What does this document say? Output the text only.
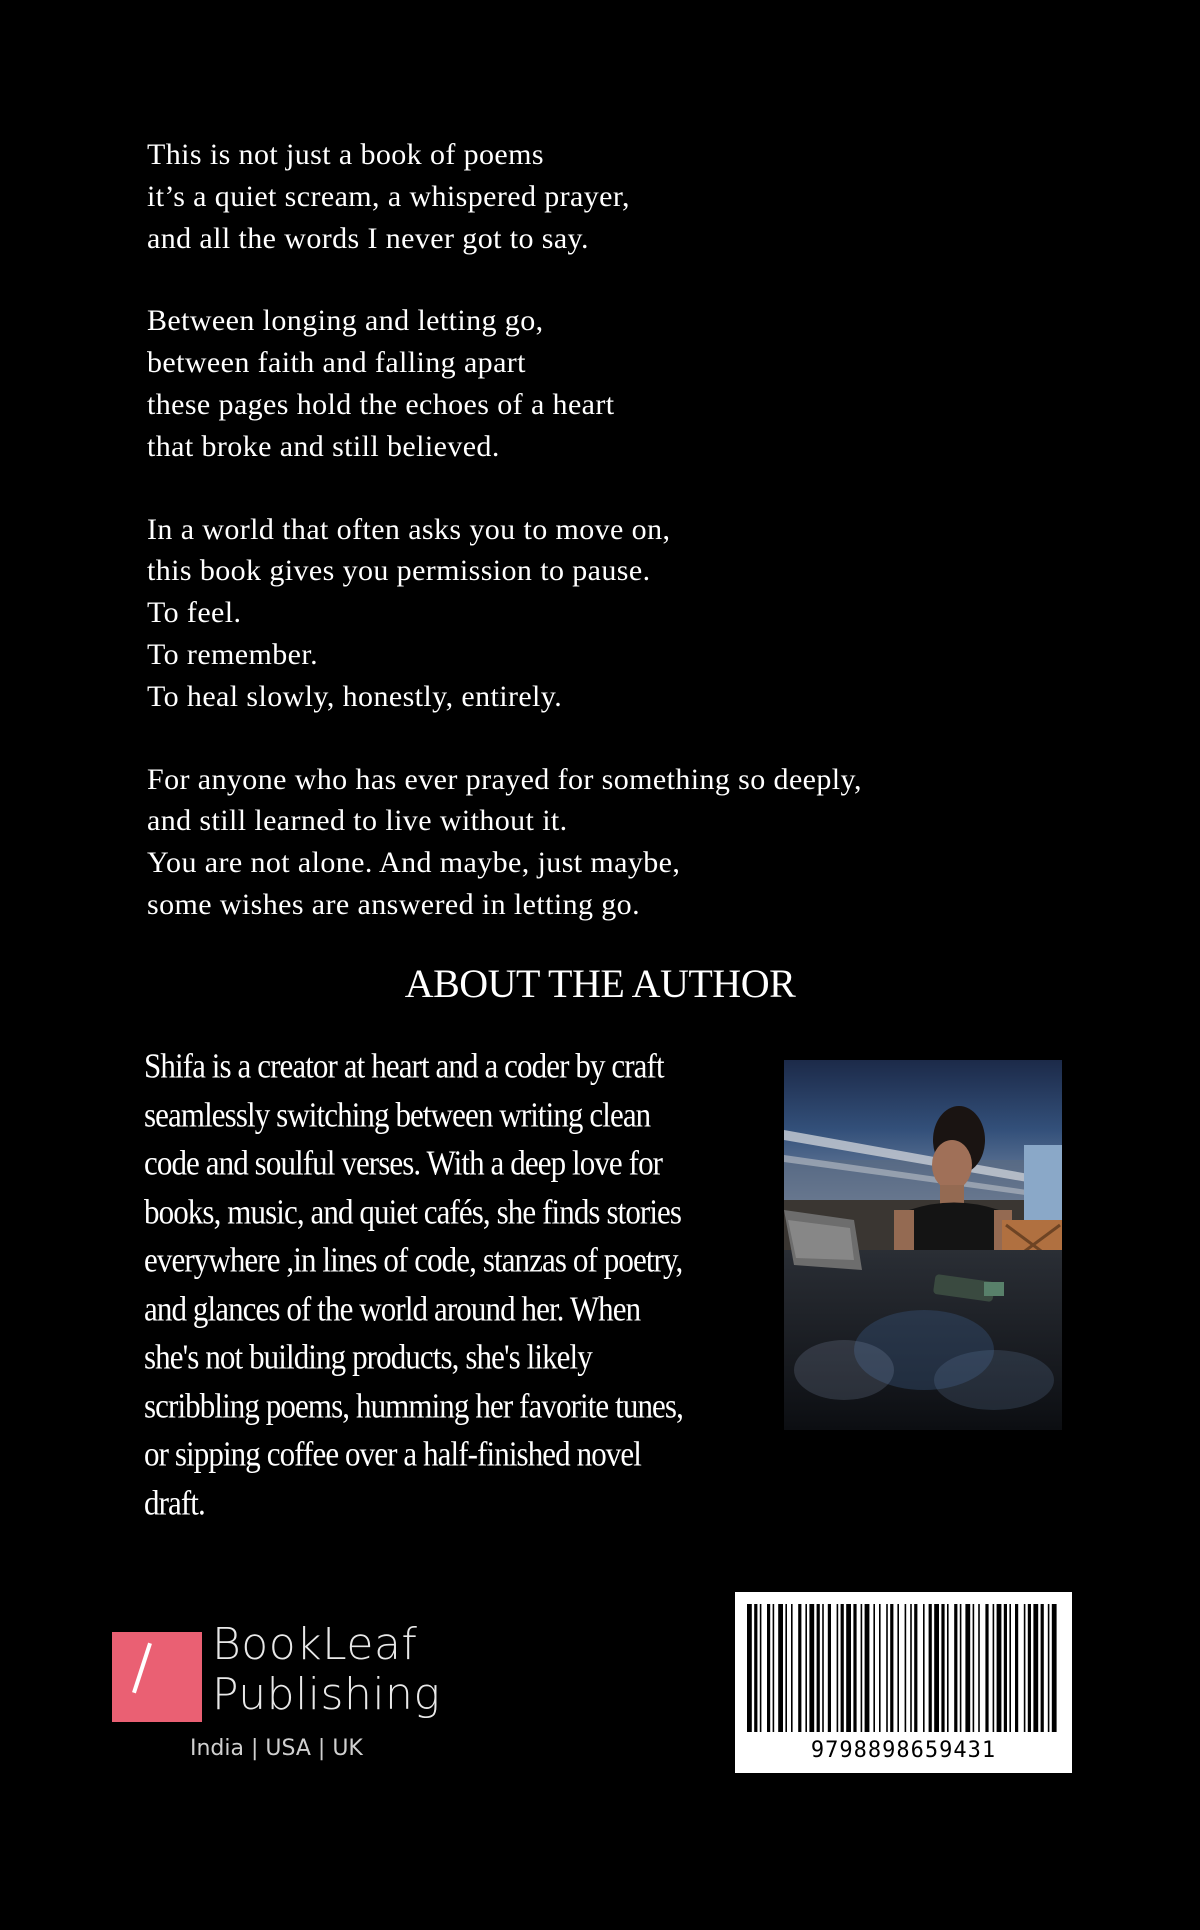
This is not just a book of poems
it’s a quiet scream, a whispered prayer,
and all the words I never got to say.
Between longing and letting go,
between faith and falling apart
these pages hold the echoes of a heart
that broke and still believed.
In a world that often asks you to move on,
this book gives you permission to pause.
To feel.
To remember.
To heal slowly, honestly, entirely.
For anyone who has ever prayed for something so deeply,
and still learned to live without it.
You are not alone. And maybe, just maybe,
some wishes are answered in letting go.
ABOUT THE AUTHOR
Shifa is a creator at heart and a coder by craft
seamlessly switching between writing clean
code and soulful verses. With a deep love for
books, music, and quiet cafés, she finds stories
everywhere ,in lines of code, stanzas of poetry,
and glances of the world around her. When
she's not building products, she's likely
scribbling poems, humming her favorite tunes,
or sipping coffee over a half-finished novel
draft.
BookLeaf
Publishing
India | USA | UK	9798898659431
